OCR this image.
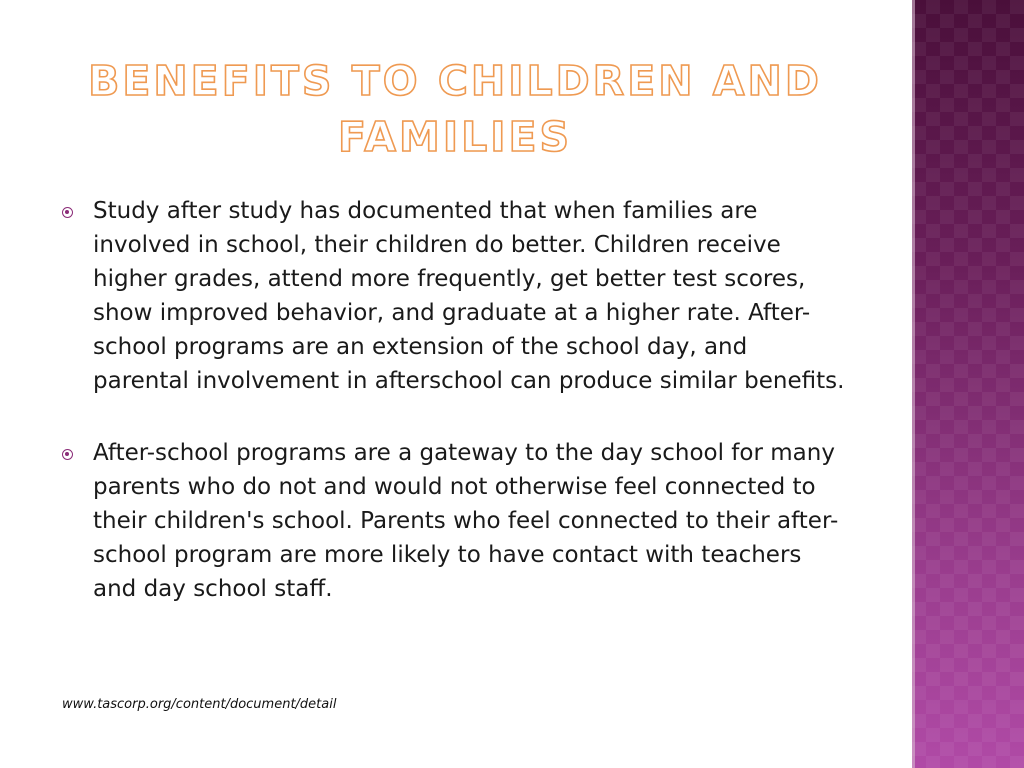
BENEFITS TO CHILDREN AND FAMILIES
Study after study has documented that when families are involved in school, their children do better. Children receive higher grades, attend more frequently, get better test scores, show improved behavior, and graduate at a higher rate. After-school programs are an extension of the school day, and parental involvement in afterschool can produce similar benefits.
After-school programs are a gateway to the day school for many parents who do not and would not otherwise feel connected to their children's school. Parents who feel connected to their after-school program are more likely to have contact with teachers and day school staff.
www.tascorp.org/content/document/detail
